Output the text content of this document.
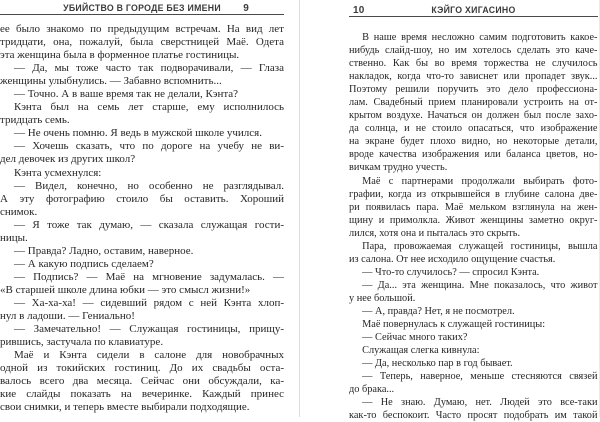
УБИЙСТВО В ГОРОДЕ БЕЗ ИМЕНИ	9
ее было знакомо по предыдущим встречам. На вид лет
тридцати, она, пожалуй, была сверстницей Маё. Одета
эта женщина была в форменное платье гостиницы.
— Да, мы тоже часто так подворачивали, — Глаза
женщины улыбнулись. — Забавно вспомнить...
— Точно. А в ваше время так не делали, Кэнта?
Кэнта был на семь лет старше, ему исполнилось
тридцать семь.
— Не очень помню. Я ведь в мужской школе учился.
— Хочешь сказать, что по дороге на учебу не ви-
дел девочек из других школ?
Кэнта усмехнулся:
— Видел, конечно, но особенно не разглядывал.
А эту фотографию стоило бы оставить. Хороший
снимок.
— Я тоже так думаю, — сказала служащая гости-
ницы.
— Правда? Ладно, оставим, наверное.
— А какую подпись сделаем?
— Подпись? — Маё на мгновение задумалась. —
«В старшей школе длина юбки — это смысл жизни!»
— Ха-ха-ха! — сидевший рядом с ней Кэнта хлоп-
нул в ладоши. — Гениально!
— Замечательно! — Служащая гостиницы, прищу-
рившись, застучала по клавиатуре.
Маё и Кэнта сидели в салоне для новобрачных
одной из токийских гостиниц. До их свадьбы оста-
валось всего два месяца. Сейчас они обсуждали, ка-
кие слайды показать на вечеринке. Каждый принес
свои снимки, и теперь вместе выбирали подходящие.
10	КЭЙГО ХИГАСИНО
В наше время несложно самим подготовить какое-
нибудь слайд-шоу, но им хотелось сделать это каче-
ственно. Как бы во время торжества не случилось
накладок, когда что-то зависнет или пропадет звук...
Поэтому решили поручить это дело профессиона-
лам. Свадебный прием планировали устроить на от-
крытом воздухе. Начаться он должен был после захо-
да солнца, и не стоило опасаться, что изображение
на экране будет плохо видно, но некоторые детали,
вроде качества изображения или баланса цветов, но-
вичкам трудно учесть.
Маё с партнерами продолжали выбирать фото-
графии, когда из открывшейся в глубине салона две-
ри появилась пара. Маё мельком взглянула на жен-
щину и примолкла. Живот женщины заметно округ-
лился, хотя она и пыталась это скрыть.
Пара, провожаемая служащей гостиницы, вышла
из салона. От нее исходило ощущение счастья.
— Что-то случилось? — спросил Кэнта.
— Да... эта женщина. Мне показалось, что живот
у нее большой.
— А, правда? Нет, я не посмотрел.
Маё повернулась к служащей гостиницы:
— Сейчас много таких?
Служащая слегка кивнула:
— Да, несколько пар в год бывает.
— Теперь, наверное, меньше стесняются связей
до брака...
— Не знаю. Думаю, нет. Людей это все-таки
как-то беспокоит. Часто просят подобрать им такой
